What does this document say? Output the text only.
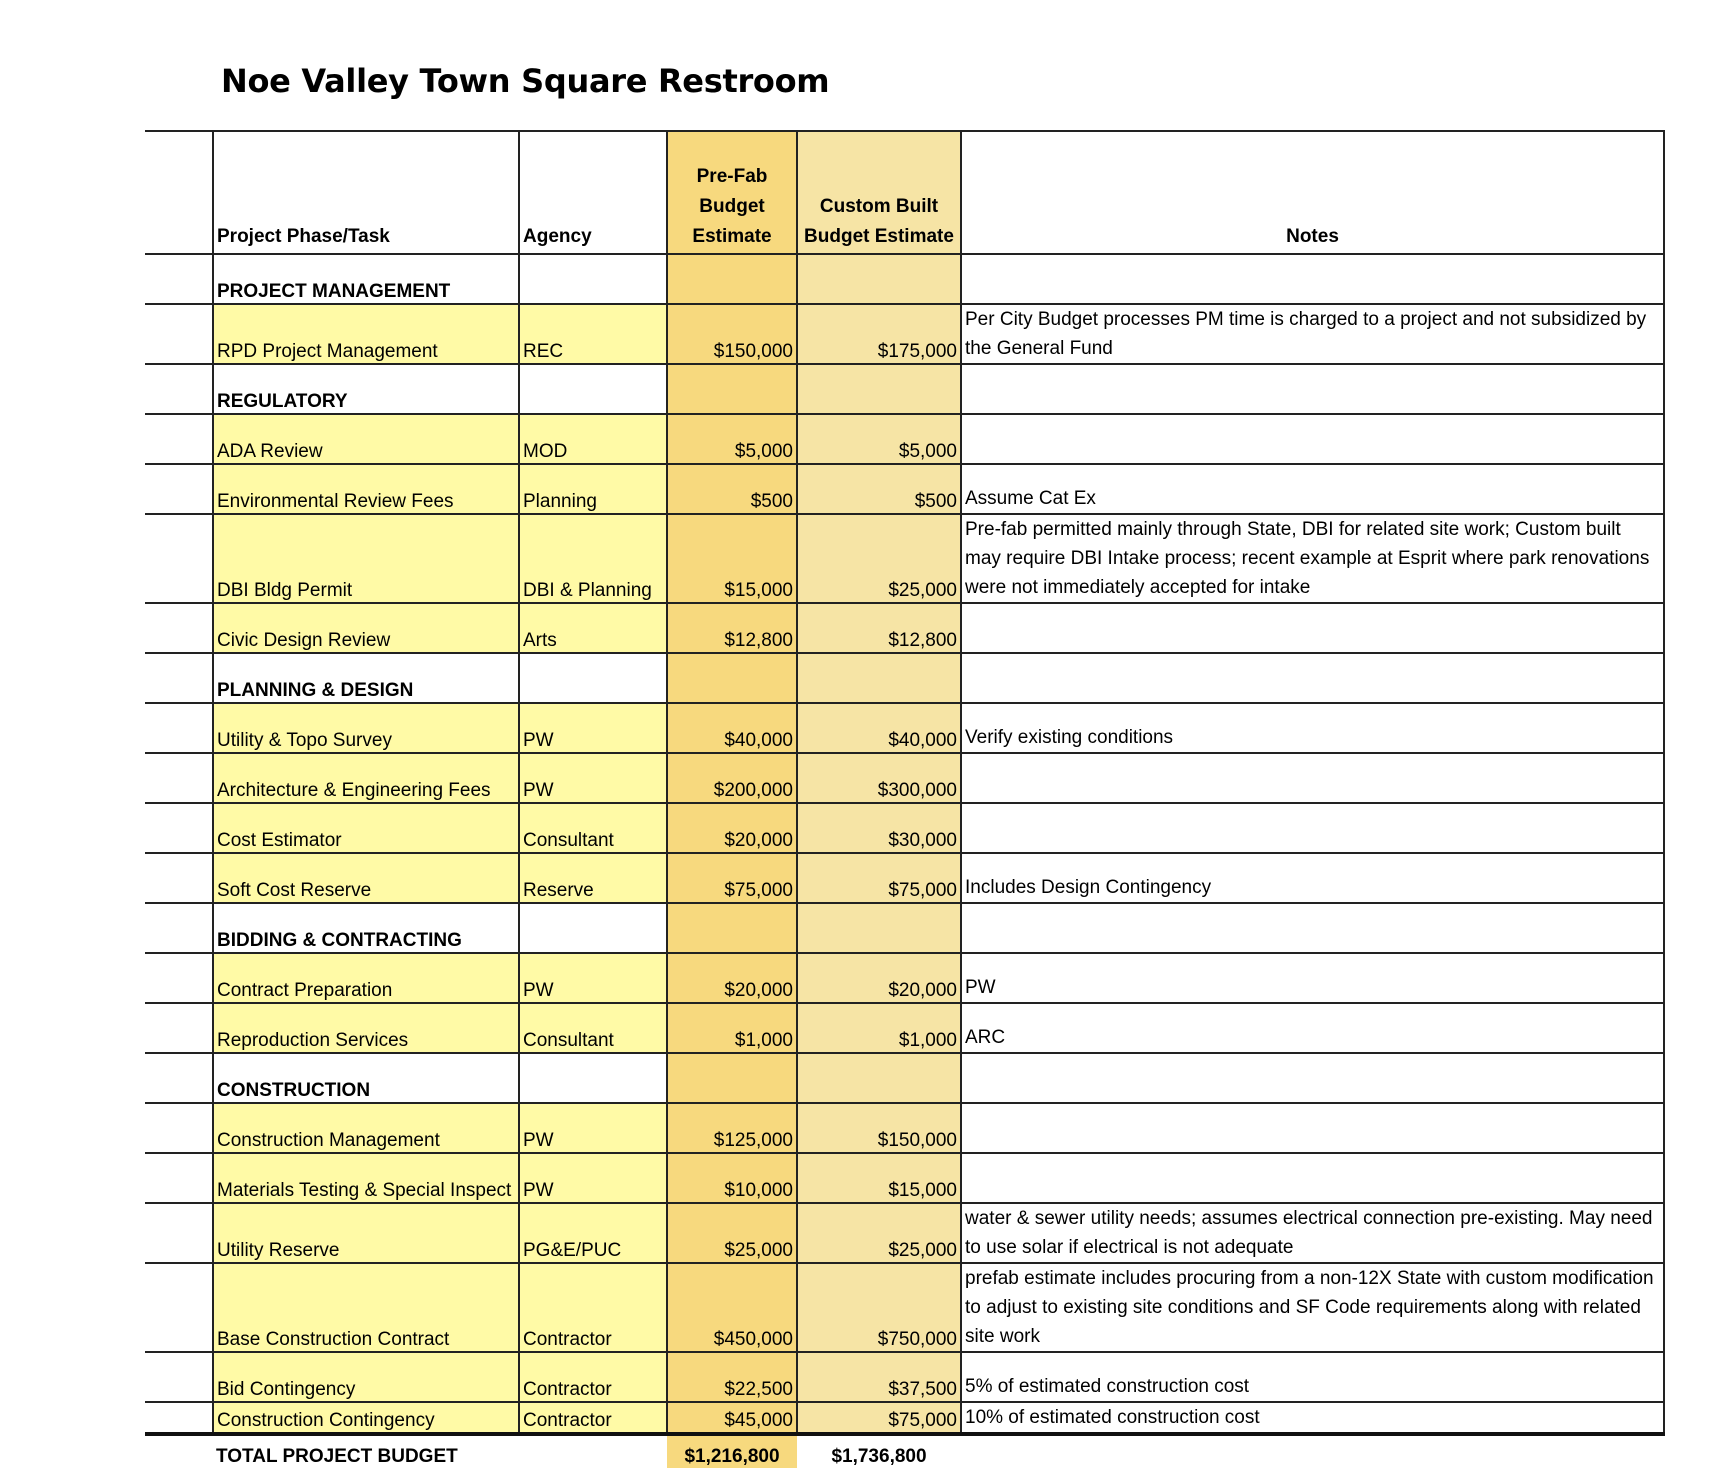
Noe Valley Town Square Restroom
	Project Phase/Task	Agency	Pre-Fab Budget Estimate	Custom Built Budget Estimate	Notes
	PROJECT MANAGEMENT				
	RPD Project Management	REC	$150,000	$175,000	Per City Budget processes PM time is charged to a project and not subsidized by the General Fund
	REGULATORY				
	ADA Review	MOD	$5,000	$5,000	
	Environmental Review Fees	Planning	$500	$500	Assume Cat Ex
	DBI Bldg Permit	DBI & Planning	$15,000	$25,000	Pre-fab permitted mainly through State, DBI for related site work; Custom built may require DBI Intake process; recent example at Esprit where park renovations were not immediately accepted for intake
	Civic Design Review	Arts	$12,800	$12,800	
	PLANNING & DESIGN				
	Utility & Topo Survey	PW	$40,000	$40,000	Verify existing conditions
	Architecture & Engineering Fees	PW	$200,000	$300,000	
	Cost Estimator	Consultant	$20,000	$30,000	
	Soft Cost Reserve	Reserve	$75,000	$75,000	Includes Design Contingency
	BIDDING & CONTRACTING				
	Contract Preparation	PW	$20,000	$20,000	PW
	Reproduction Services	Consultant	$1,000	$1,000	ARC
	CONSTRUCTION				
	Construction Management	PW	$125,000	$150,000	
	Materials Testing & Special Inspect	PW	$10,000	$15,000	
	Utility Reserve	PG&E/PUC	$25,000	$25,000	water & sewer utility needs; assumes electrical connection pre-existing. May need to use solar if electrical is not adequate
	Base Construction Contract	Contractor	$450,000	$750,000	prefab estimate includes procuring from a non-12X State with custom modification to adjust to existing site conditions and SF Code requirements along with related site work
	Bid Contingency	Contractor	$22,500	$37,500	5% of estimated construction cost
	Construction Contingency	Contractor	$45,000	$75,000	10% of estimated construction cost
	TOTAL PROJECT BUDGET		$1,216,800	$1,736,800	
